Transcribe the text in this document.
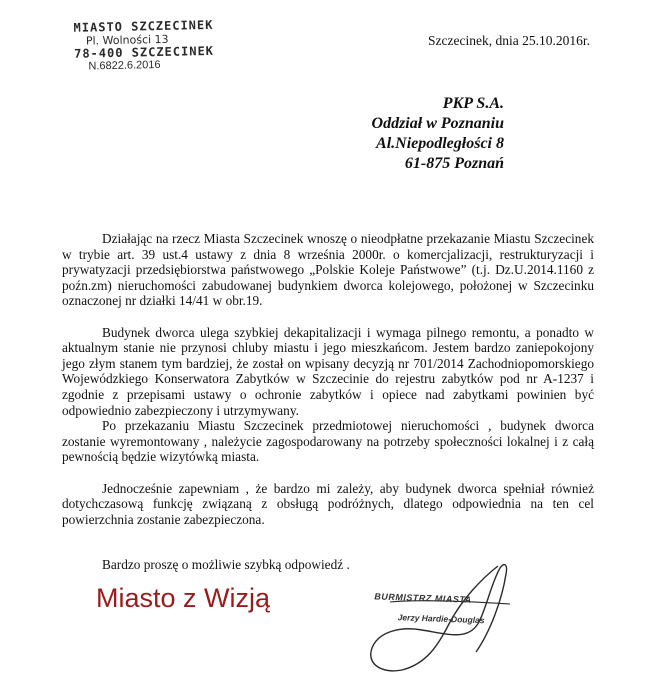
MIASTO SZCZECINEK
Pl. Wolności 13
78-400 SZCZECINEK
N.6822.6.2016
Szczecinek, dnia 25.10.2016r.
PKP S.A.
Oddział w Poznaniu
Al.Niepodległości 8
61-875 Poznań

Działając na rzecz Miasta Szczecinek wnoszę o nieodpłatne przekazanie Miastu Szczecinek w trybie art. 39 ust.4 ustawy z dnia 8 września 2000r. o komercjalizacji, restrukturyzacji i prywatyzacji przedsiębiorstwa państwowego „Polskie Koleje Państwowe” (t.j. Dz.U.2014.1160 z poźn.zm) nieruchomości zabudowanej budynkiem dworca kolejowego, położonej w Szczecinku oznaczonej nr działki 14/41 w obr.19.

Budynek dworca ulega szybkiej dekapitalizacji i wymaga pilnego remontu, a ponadto w aktualnym stanie nie przynosi chluby miastu i jego mieszkańcom. Jestem bardzo zaniepokojony jego złym stanem tym bardziej, że został on wpisany decyzją nr 701/2014 Zachodniopomorskiego Wojewódzkiego Konserwatora Zabytków w Szczecinie do rejestru zabytków pod nr A-1237 i zgodnie z przepisami ustawy o ochronie zabytków i opiece nad zabytkami powinien być odpowiednio zabezpieczony i utrzymywany.

Po przekazaniu Miastu Szczecinek przedmiotowej nieruchomości , budynek dworca zostanie wyremontowany , należycie zagospodarowany na potrzeby społeczności lokalnej i z całą pewnością będzie wizytówką miasta.

Jednocześnie zapewniam , że bardzo mi zależy, aby budynek dworca spełniał również dotychczasową funkcję związaną z obsługą podróżnych, dlatego odpowiednia na ten cel powierzchnia zostanie zabezpieczona.

Bardzo proszę o możliwie szybką odpowiedź .
Miasto z Wizją	BURMISTRZ MIASTA
Jerzy Hardie-Douglas
